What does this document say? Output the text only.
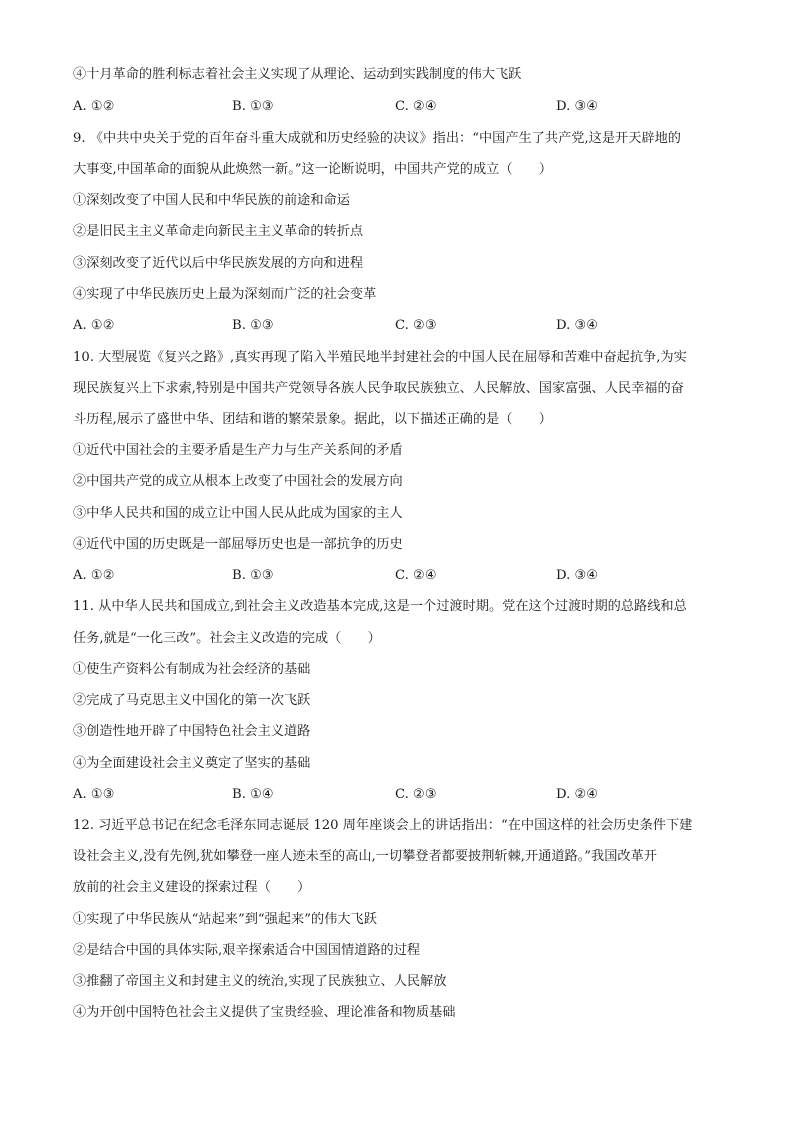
④十月革命的胜利标志着社会主义实现了从理论、运动到实践制度的伟大飞跃
A. ①②	B. ①③	C. ②④	D. ③④
9. 《中共中央关于党的百年奋斗重大成就和历史经验的决议》指出：“中国产生了共产党,这是开天辟地的
大事变,中国革命的面貌从此焕然一新。”这一论断说明，中国共产党的成立（　　）
①深刻改变了中国人民和中华民族的前途和命运
②是旧民主主义革命走向新民主主义革命的转折点
③深刻改变了近代以后中华民族发展的方向和进程
④实现了中华民族历史上最为深刻而广泛的社会变革
A. ①②	B. ①③	C. ②③	D. ③④
10. 大型展览《复兴之路》,真实再现了陷入半殖民地半封建社会的中国人民在屈辱和苦难中奋起抗争,为实
现民族复兴上下求索,特别是中国共产党领导各族人民争取民族独立、人民解放、国家富强、人民幸福的奋
斗历程,展示了盛世中华、团结和谐的繁荣景象。据此，以下描述正确的是（　　）
①近代中国社会的主要矛盾是生产力与生产关系间的矛盾
②中国共产党的成立从根本上改变了中国社会的发展方向
③中华人民共和国的成立让中国人民从此成为国家的主人
④近代中国的历史既是一部屈辱历史也是一部抗争的历史
A. ①②	B. ①③	C. ②④	D. ③④
11. 从中华人民共和国成立,到社会主义改造基本完成,这是一个过渡时期。党在这个过渡时期的总路线和总
任务,就是“一化三改”。社会主义改造的完成（　　）
①使生产资料公有制成为社会经济的基础
②完成了马克思主义中国化的第一次飞跃
③创造性地开辟了中国特色社会主义道路
④为全面建设社会主义奠定了坚实的基础
A. ①③	B. ①④	C. ②③	D. ②④
12. 习近平总书记在纪念毛泽东同志诞辰 120 周年座谈会上的讲话指出：“在中国这样的社会历史条件下建
设社会主义,没有先例,犹如攀登一座人迹未至的高山,一切攀登者都要披荆斩棘,开通道路。”我国改革开
放前的社会主义建设的探索过程（　　）
①实现了中华民族从“站起来”到“强起来”的伟大飞跃
②是结合中国的具体实际,艰辛探索适合中国国情道路的过程
③推翻了帝国主义和封建主义的统治,实现了民族独立、人民解放
④为开创中国特色社会主义提供了宝贵经验、理论准备和物质基础
